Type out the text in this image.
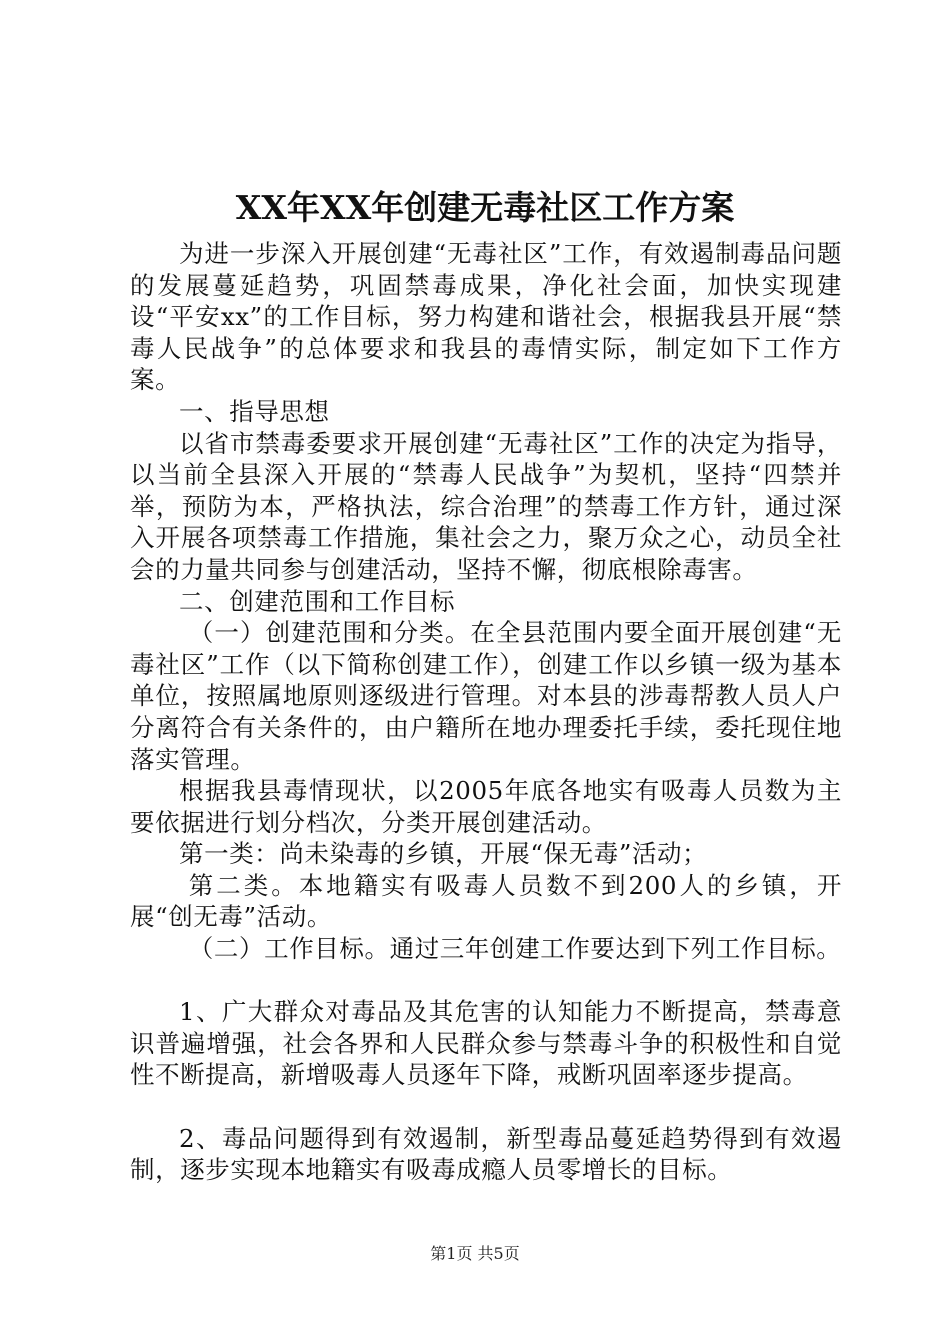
XX年XX年创建无毒社区工作方案

为进一步深入开展创建“无毒社区”工作，有效遏制毒品问题的发展蔓延趋势，巩固禁毒成果，净化社会面，加快实现建设“平安xx”的工作目标，努力构建和谐社会，根据我县开展“禁毒人民战争”的总体要求和我县的毒情实际，制定如下工作方案。

一、指导思想

以省市禁毒委要求开展创建“无毒社区”工作的决定为指导，以当前全县深入开展的“禁毒人民战争”为契机，坚持“四禁并举，预防为本，严格执法，综合治理”的禁毒工作方针，通过深入开展各项禁毒工作措施，集社会之力，聚万众之心，动员全社会的力量共同参与创建活动，坚持不懈，彻底根除毒害。

二、创建范围和工作目标

（一）创建范围和分类。在全县范围内要全面开展创建“无毒社区”工作（以下简称创建工作），创建工作以乡镇一级为基本单位，按照属地原则逐级进行管理。对本县的涉毒帮教人员人户分离符合有关条件的，由户籍所在地办理委托手续，委托现住地落实管理。

根据我县毒情现状，以2005年底各地实有吸毒人员数为主要依据进行划分档次，分类开展创建活动。

第一类：尚未染毒的乡镇，开展“保无毒”活动；

第二类。本地籍实有吸毒人员数不到200人的乡镇，开展“创无毒”活动。

（二）工作目标。通过三年创建工作要达到下列工作目标。

1、广大群众对毒品及其危害的认知能力不断提高，禁毒意识普遍增强，社会各界和人民群众参与禁毒斗争的积极性和自觉性不断提高，新增吸毒人员逐年下降，戒断巩固率逐步提高。

2、毒品问题得到有效遏制，新型毒品蔓延趋势得到有效遏制，逐步实现本地籍实有吸毒成瘾人员零增长的目标。

第1页 共5页
